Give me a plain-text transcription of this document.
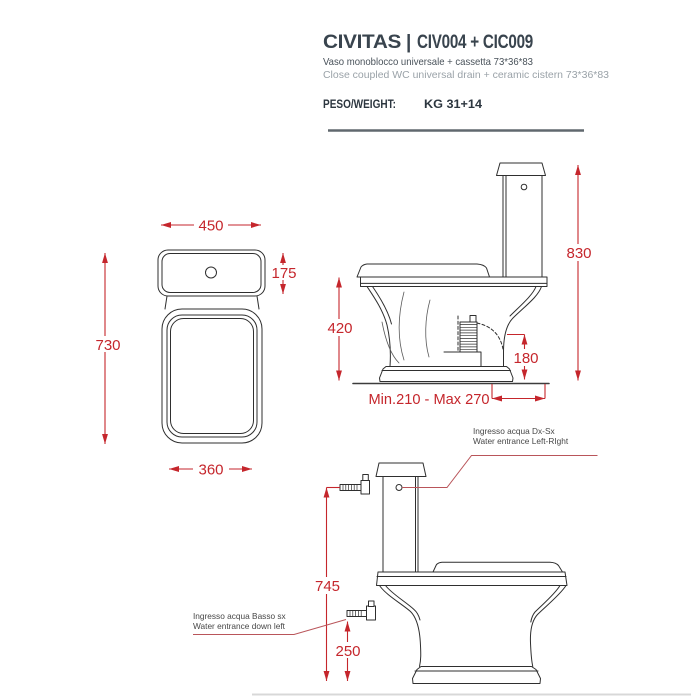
CIVITAS | CIV004 + CIC009
Vaso monoblocco universale + cassetta 73*36*83
Close coupled WC universal drain + ceramic cistern 73*36*83
PESO/WEIGHT: KG 31+14
450
175
730
360
830
420
180
Min.210 - Max 270
Ingresso acqua Dx-Sx
Water entrance Left-RIght
745
Ingresso acqua Basso sx
Water entrance down left
250
